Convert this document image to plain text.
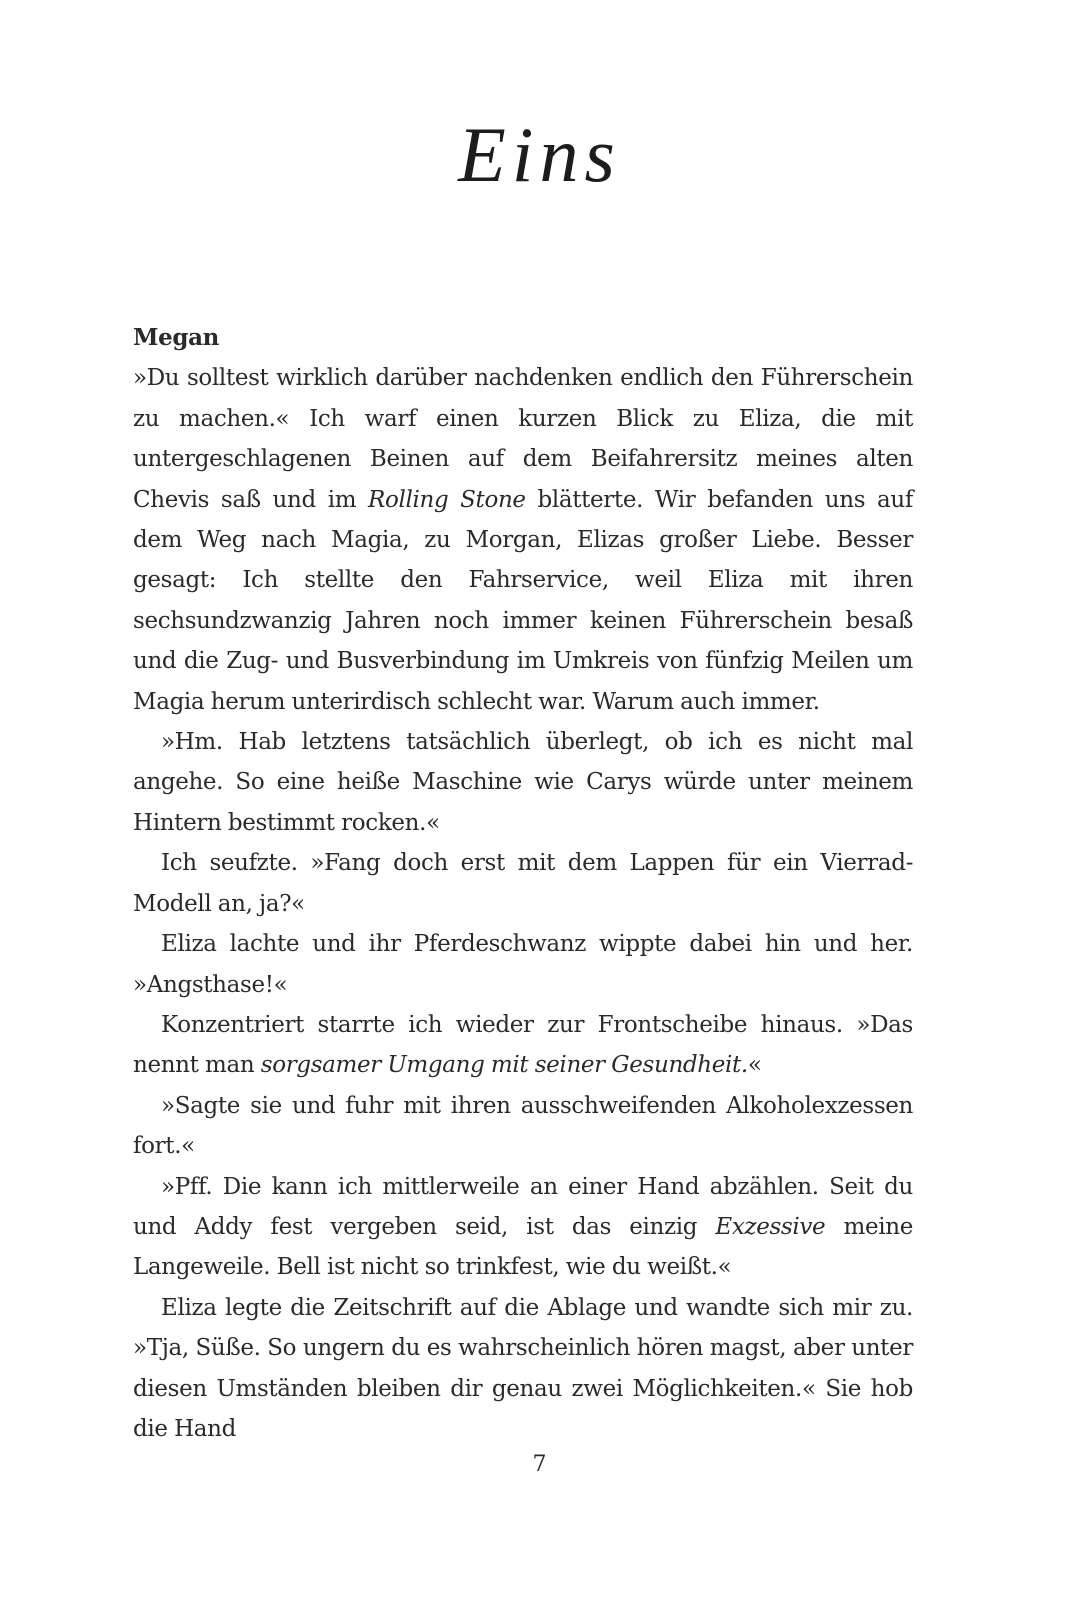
Eins

Megan

»Du solltest wirklich darüber nachdenken endlich den Führerschein zu machen.« Ich warf einen kurzen Blick zu Eliza, die mit untergeschlagenen Beinen auf dem Beifahrersitz meines alten Chevis saß und im Rolling Stone blätterte. Wir befanden uns auf dem Weg nach Magia, zu Morgan, Elizas großer Liebe. Besser gesagt: Ich stellte den Fahrservice, weil Eliza mit ihren sechsundzwanzig Jahren noch immer keinen Führerschein besaß und die Zug- und Busverbindung im Umkreis von fünfzig Meilen um Magia herum unterirdisch schlecht war. Warum auch immer.

»Hm. Hab letztens tatsächlich überlegt, ob ich es nicht mal angehe. So eine heiße Maschine wie Carys würde unter meinem Hintern bestimmt rocken.«

Ich seufzte. »Fang doch erst mit dem Lappen für ein Vierrad-Modell an, ja?«

Eliza lachte und ihr Pferdeschwanz wippte dabei hin und her. »Angsthase!«

Konzentriert starrte ich wieder zur Frontscheibe hinaus. »Das nennt man sorgsamer Umgang mit seiner Gesundheit.«

»Sagte sie und fuhr mit ihren ausschweifenden Alkoholexzessen fort.«

»Pff. Die kann ich mittlerweile an einer Hand abzählen. Seit du und Addy fest vergeben seid, ist das einzig Exzessive meine Langeweile. Bell ist nicht so trinkfest, wie du weißt.«

Eliza legte die Zeitschrift auf die Ablage und wandte sich mir zu. »Tja, Süße. So ungern du es wahrscheinlich hören magst, aber unter diesen Umständen bleiben dir genau zwei Möglichkeiten.« Sie hob die Hand

7
